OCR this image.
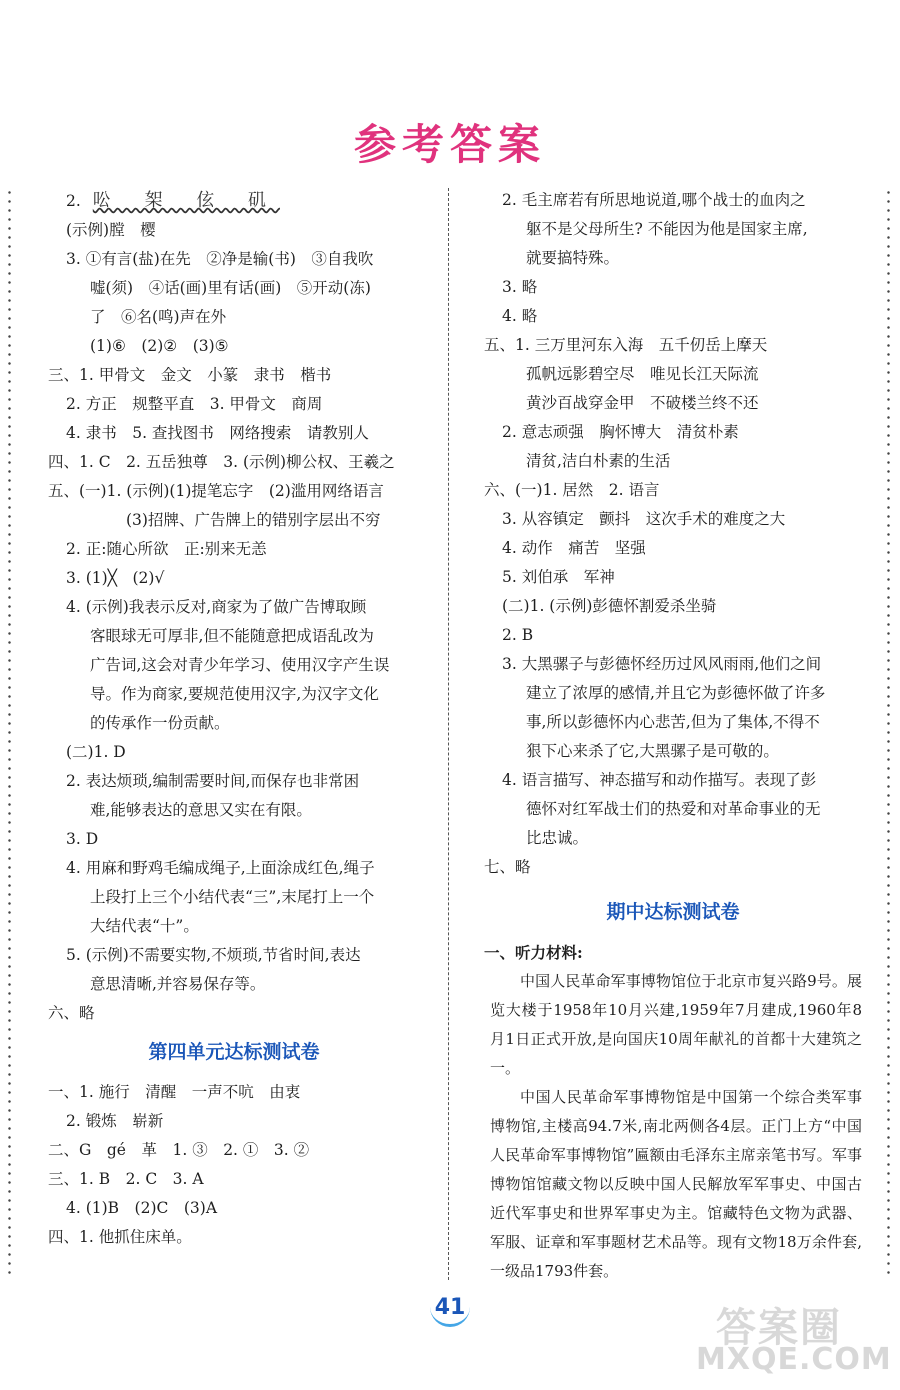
参考答案
2. 㕬 桇 伭 矶
(示例)膛　樱
3. ①有言(盐)在先　②净是输(书)　③自我吹
嘘(须)　④话(画)里有话(画)　⑤开动(冻)
了　⑥名(鸣)声在外
(1)⑥　(2)②　(3)⑤
三、1. 甲骨文　金文　小篆　隶书　楷书
2. 方正　规整平直　3. 甲骨文　商周
4. 隶书　5. 查找图书　网络搜索　请教别人
四、1. C　2. 五岳独尊　3. (示例)柳公权、王羲之
五、(一)1. (示例)(1)提笔忘字　(2)滥用网络语言
(3)招牌、广告牌上的错别字层出不穷
2. 正:随心所欲　正:别来无恙
3. (1)╳　(2)√
4. (示例)我表示反对,商家为了做广告博取顾
客眼球无可厚非,但不能随意把成语乱改为
广告词,这会对青少年学习、使用汉字产生误
导。作为商家,要规范使用汉字,为汉字文化
的传承作一份贡献。
(二)1. D
2. 表达烦琐,编制需要时间,而保存也非常困
难,能够表达的意思又实在有限。
3. D
4. 用麻和野鸡毛编成绳子,上面涂成红色,绳子
上段打上三个小结代表“三”,末尾打上一个
大结代表“十”。
5. (示例)不需要实物,不烦琐,节省时间,表达
意思清晰,并容易保存等。
六、略
第四单元达标测试卷
一、1. 施行　清醒　一声不吭　由衷
2. 锻炼　崭新
二、G　gé　革　1. ③　2. ①　3. ②
三、1. B　2. C　3. A
4. (1)B　(2)C　(3)A
四、1. 他抓住床单。
2. 毛主席若有所思地说道,哪个战士的血肉之
躯不是父母所生? 不能因为他是国家主席,
就要搞特殊。
3. 略
4. 略
五、1. 三万里河东入海　五千仞岳上摩天
孤帆远影碧空尽　唯见长江天际流
黄沙百战穿金甲　不破楼兰终不还
2. 意志顽强　胸怀博大　清贫朴素
清贫,洁白朴素的生活
六、(一)1. 居然　2. 语言
3. 从容镇定　颤抖　这次手术的难度之大
4. 动作　痛苦　坚强
5. 刘伯承　军神
(二)1. (示例)彭德怀割爱杀坐骑
2. B
3. 大黑骡子与彭德怀经历过风风雨雨,他们之间
建立了浓厚的感情,并且它为彭德怀做了许多
事,所以彭德怀内心悲苦,但为了集体,不得不
狠下心来杀了它,大黑骡子是可敬的。
4. 语言描写、神态描写和动作描写。表现了彭
德怀对红军战士们的热爱和对革命事业的无
比忠诚。
七、略
期中达标测试卷
一、听力材料:
中国人民革命军事博物馆位于北京市复兴路9号。展览大楼于1958年10月兴建,1959年7月建成,1960年8月1日正式开放,是向国庆10周年献礼的首都十大建筑之一。
中国人民革命军事博物馆是中国第一个综合类军事博物馆,主楼高94.7米,南北两侧各4层。正门上方“中国人民革命军事博物馆”匾额由毛泽东主席亲笔书写。军事博物馆馆藏文物以反映中国人民解放军军事史、中国古近代军事史和世界军事史为主。馆藏特色文物为武器、军服、证章和军事题材艺术品等。现有文物18万余件套,一级品1793件套。
41	答案圈
MXQE.COM
